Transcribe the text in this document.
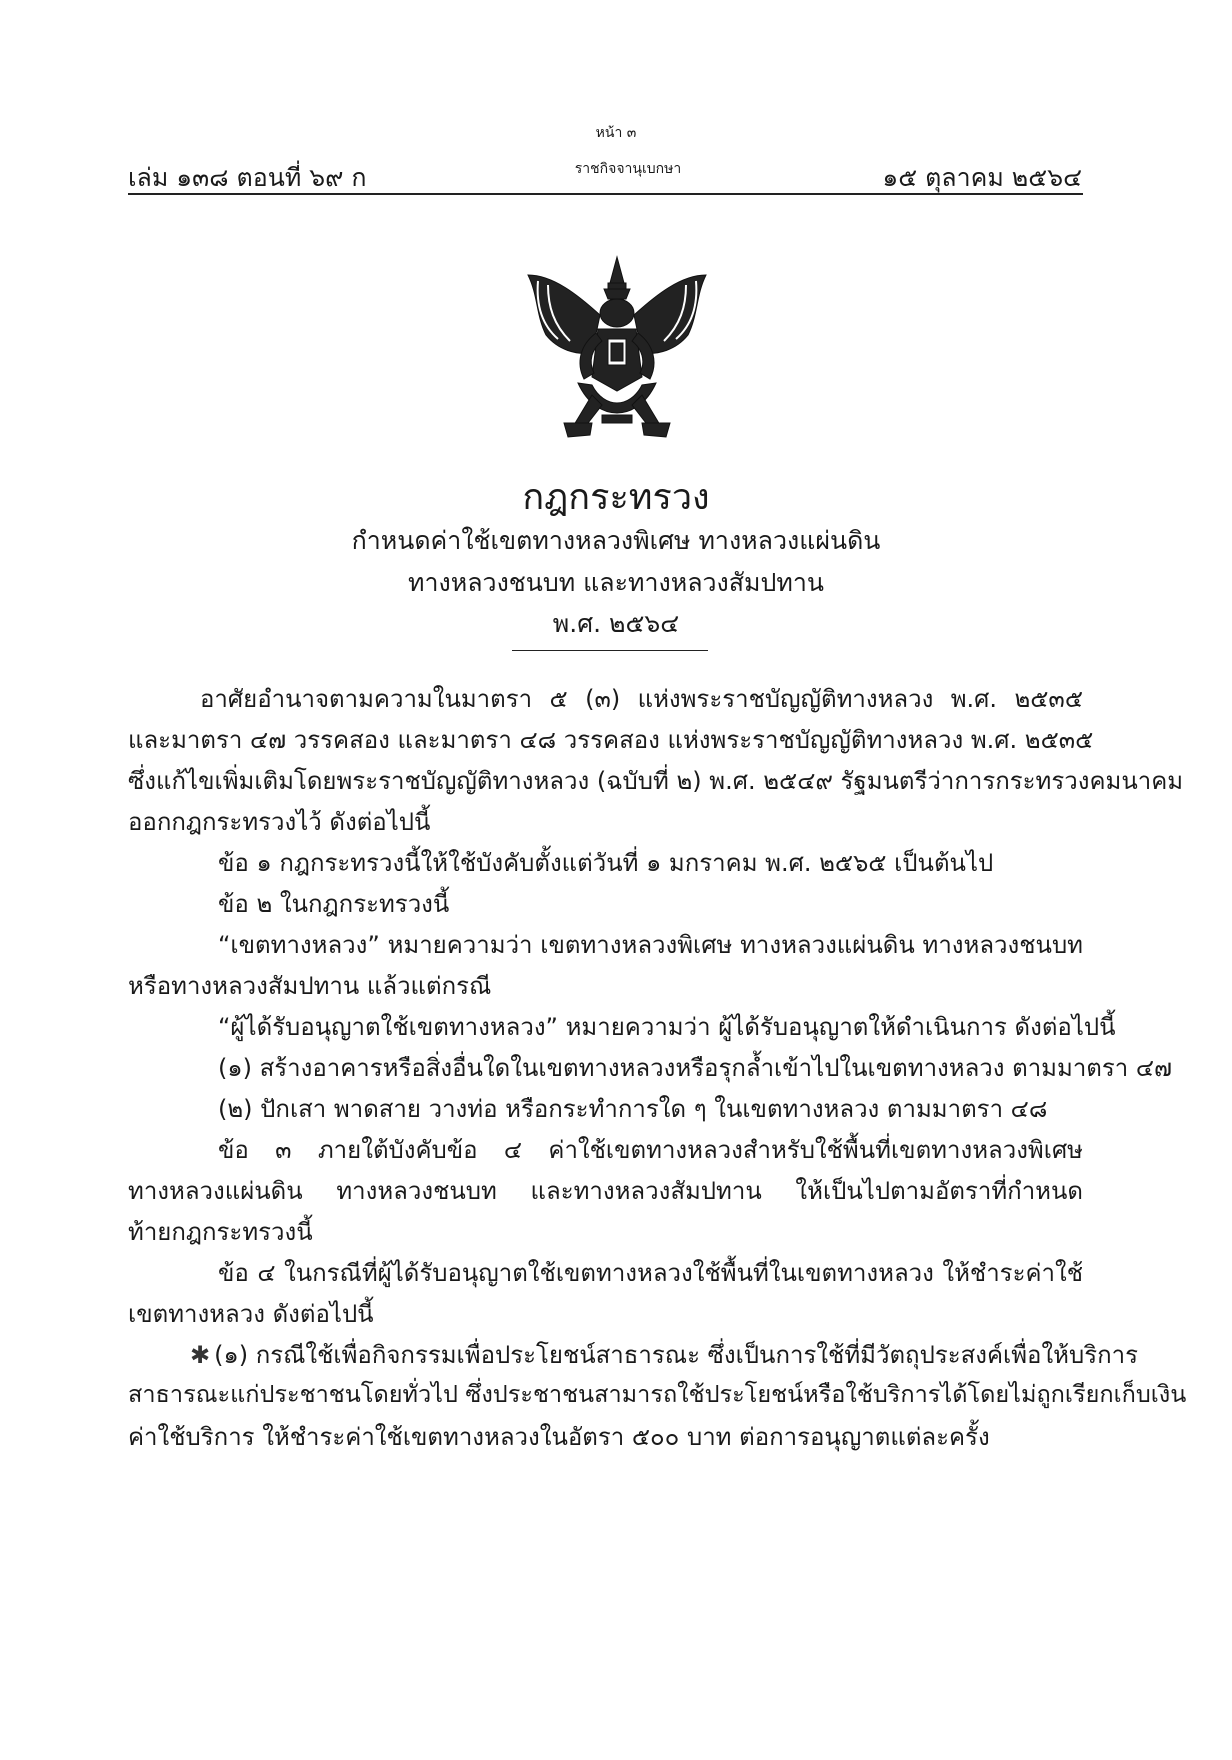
หน้า ๓
เล่ม ๑๓๘ ตอนที่ ๖๙ ก	ราชกิจจานุเบกษา	๑๕ ตุลาคม ๒๕๖๔
กฎกระทรวง
กำหนดค่าใช้เขตทางหลวงพิเศษ ทางหลวงแผ่นดิน
ทางหลวงชนบท และทางหลวงสัมปทาน
พ.ศ. ๒๕๖๔
อาศัยอำนาจตามความในมาตรา ๕ (๓) แห่งพระราชบัญญัติทางหลวง พ.ศ. ๒๕๓๕
และมาตรา ๔๗ วรรคสอง และมาตรา ๔๘ วรรคสอง แห่งพระราชบัญญัติทางหลวง พ.ศ. ๒๕๓๕
ซึ่งแก้ไขเพิ่มเติมโดยพระราชบัญญัติทางหลวง (ฉบับที่ ๒) พ.ศ. ๒๕๔๙ รัฐมนตรีว่าการกระทรวงคมนาคม
ออกกฎกระทรวงไว้ ดังต่อไปนี้
ข้อ ๑ กฎกระทรวงนี้ให้ใช้บังคับตั้งแต่วันที่ ๑ มกราคม พ.ศ. ๒๕๖๕ เป็นต้นไป
ข้อ ๒ ในกฎกระทรวงนี้
“เขตทางหลวง” หมายความว่า เขตทางหลวงพิเศษ ทางหลวงแผ่นดิน ทางหลวงชนบท
หรือทางหลวงสัมปทาน แล้วแต่กรณี
“ผู้ได้รับอนุญาตใช้เขตทางหลวง” หมายความว่า ผู้ได้รับอนุญาตให้ดำเนินการ ดังต่อไปนี้
(๑) สร้างอาคารหรือสิ่งอื่นใดในเขตทางหลวงหรือรุกล้ำเข้าไปในเขตทางหลวง ตามมาตรา ๔๗
(๒) ปักเสา พาดสาย วางท่อ หรือกระทำการใด ๆ ในเขตทางหลวง ตามมาตรา ๔๘
ข้อ ๓ ภายใต้บังคับข้อ ๔ ค่าใช้เขตทางหลวงสำหรับใช้พื้นที่เขตทางหลวงพิเศษ
ทางหลวงแผ่นดิน ทางหลวงชนบท และทางหลวงสัมปทาน ให้เป็นไปตามอัตราที่กำหนด
ท้ายกฎกระทรวงนี้
ข้อ ๔ ในกรณีที่ผู้ได้รับอนุญาตใช้เขตทางหลวงใช้พื้นที่ในเขตทางหลวง ให้ชำระค่าใช้
เขตทางหลวง ดังต่อไปนี้
✱ (๑) กรณีใช้เพื่อกิจกรรมเพื่อประโยชน์สาธารณะ ซึ่งเป็นการใช้ที่มีวัตถุประสงค์เพื่อให้บริการ
สาธารณะแก่ประชาชนโดยทั่วไป ซึ่งประชาชนสามารถใช้ประโยชน์หรือใช้บริการได้โดยไม่ถูกเรียกเก็บเงิน
ค่าใช้บริการ ให้ชำระค่าใช้เขตทางหลวงในอัตรา ๕๐๐ บาท ต่อการอนุญาตแต่ละครั้ง
